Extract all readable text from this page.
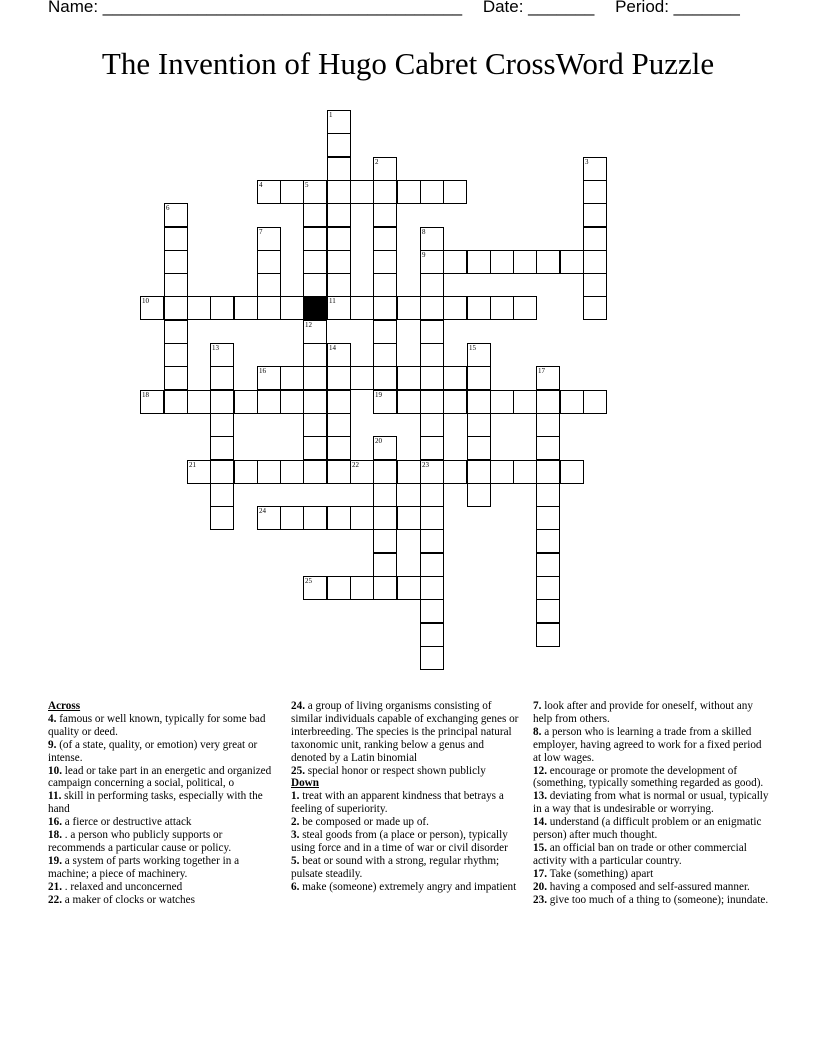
Name: ______________________________________ Date: _______ Period: _______
The Invention of Hugo Cabret CrossWord Puzzle
1
11
2	3
4	5
6
7	8
9
10
12
13	14	15
16	17
18	19
20
21	22	23
24
25
Across
4. famous or well known, typically for some bad quality or deed.
9. (of a state, quality, or emotion) very great or intense.
10. lead or take part in an energetic and organized campaign concerning a social, political, o
11. skill in performing tasks, especially with the hand
16. a fierce or destructive attack
18. . a person who publicly supports or recommends a particular cause or policy.
19. a system of parts working together in a machine; a piece of machinery.
21. . relaxed and unconcerned
22. a maker of clocks or watches
24. a group of living organisms consisting of similar individuals capable of exchanging genes or interbreeding. The species is the principal natural taxonomic unit, ranking below a genus and denoted by a Latin binomial
25. special honor or respect shown publicly
Down
1. treat with an apparent kindness that betrays a feeling of superiority.
2. be composed or made up of.
3. steal goods from (a place or person), typically using force and in a time of war or civil disorder
5. beat or sound with a strong, regular rhythm; pulsate steadily.
6. make (someone) extremely angry and impatient
7. look after and provide for oneself, without any help from others.
8. a person who is learning a trade from a skilled employer, having agreed to work for a fixed period at low wages.
12. encourage or promote the development of (something, typically something regarded as good).
13. deviating from what is normal or usual, typically in a way that is undesirable or worrying.
14. understand (a difficult problem or an enigmatic person) after much thought.
15. an official ban on trade or other commercial activity with a particular country.
17. Take (something) apart
20. having a composed and self-assured manner.
23. give too much of a thing to (someone); inundate.
